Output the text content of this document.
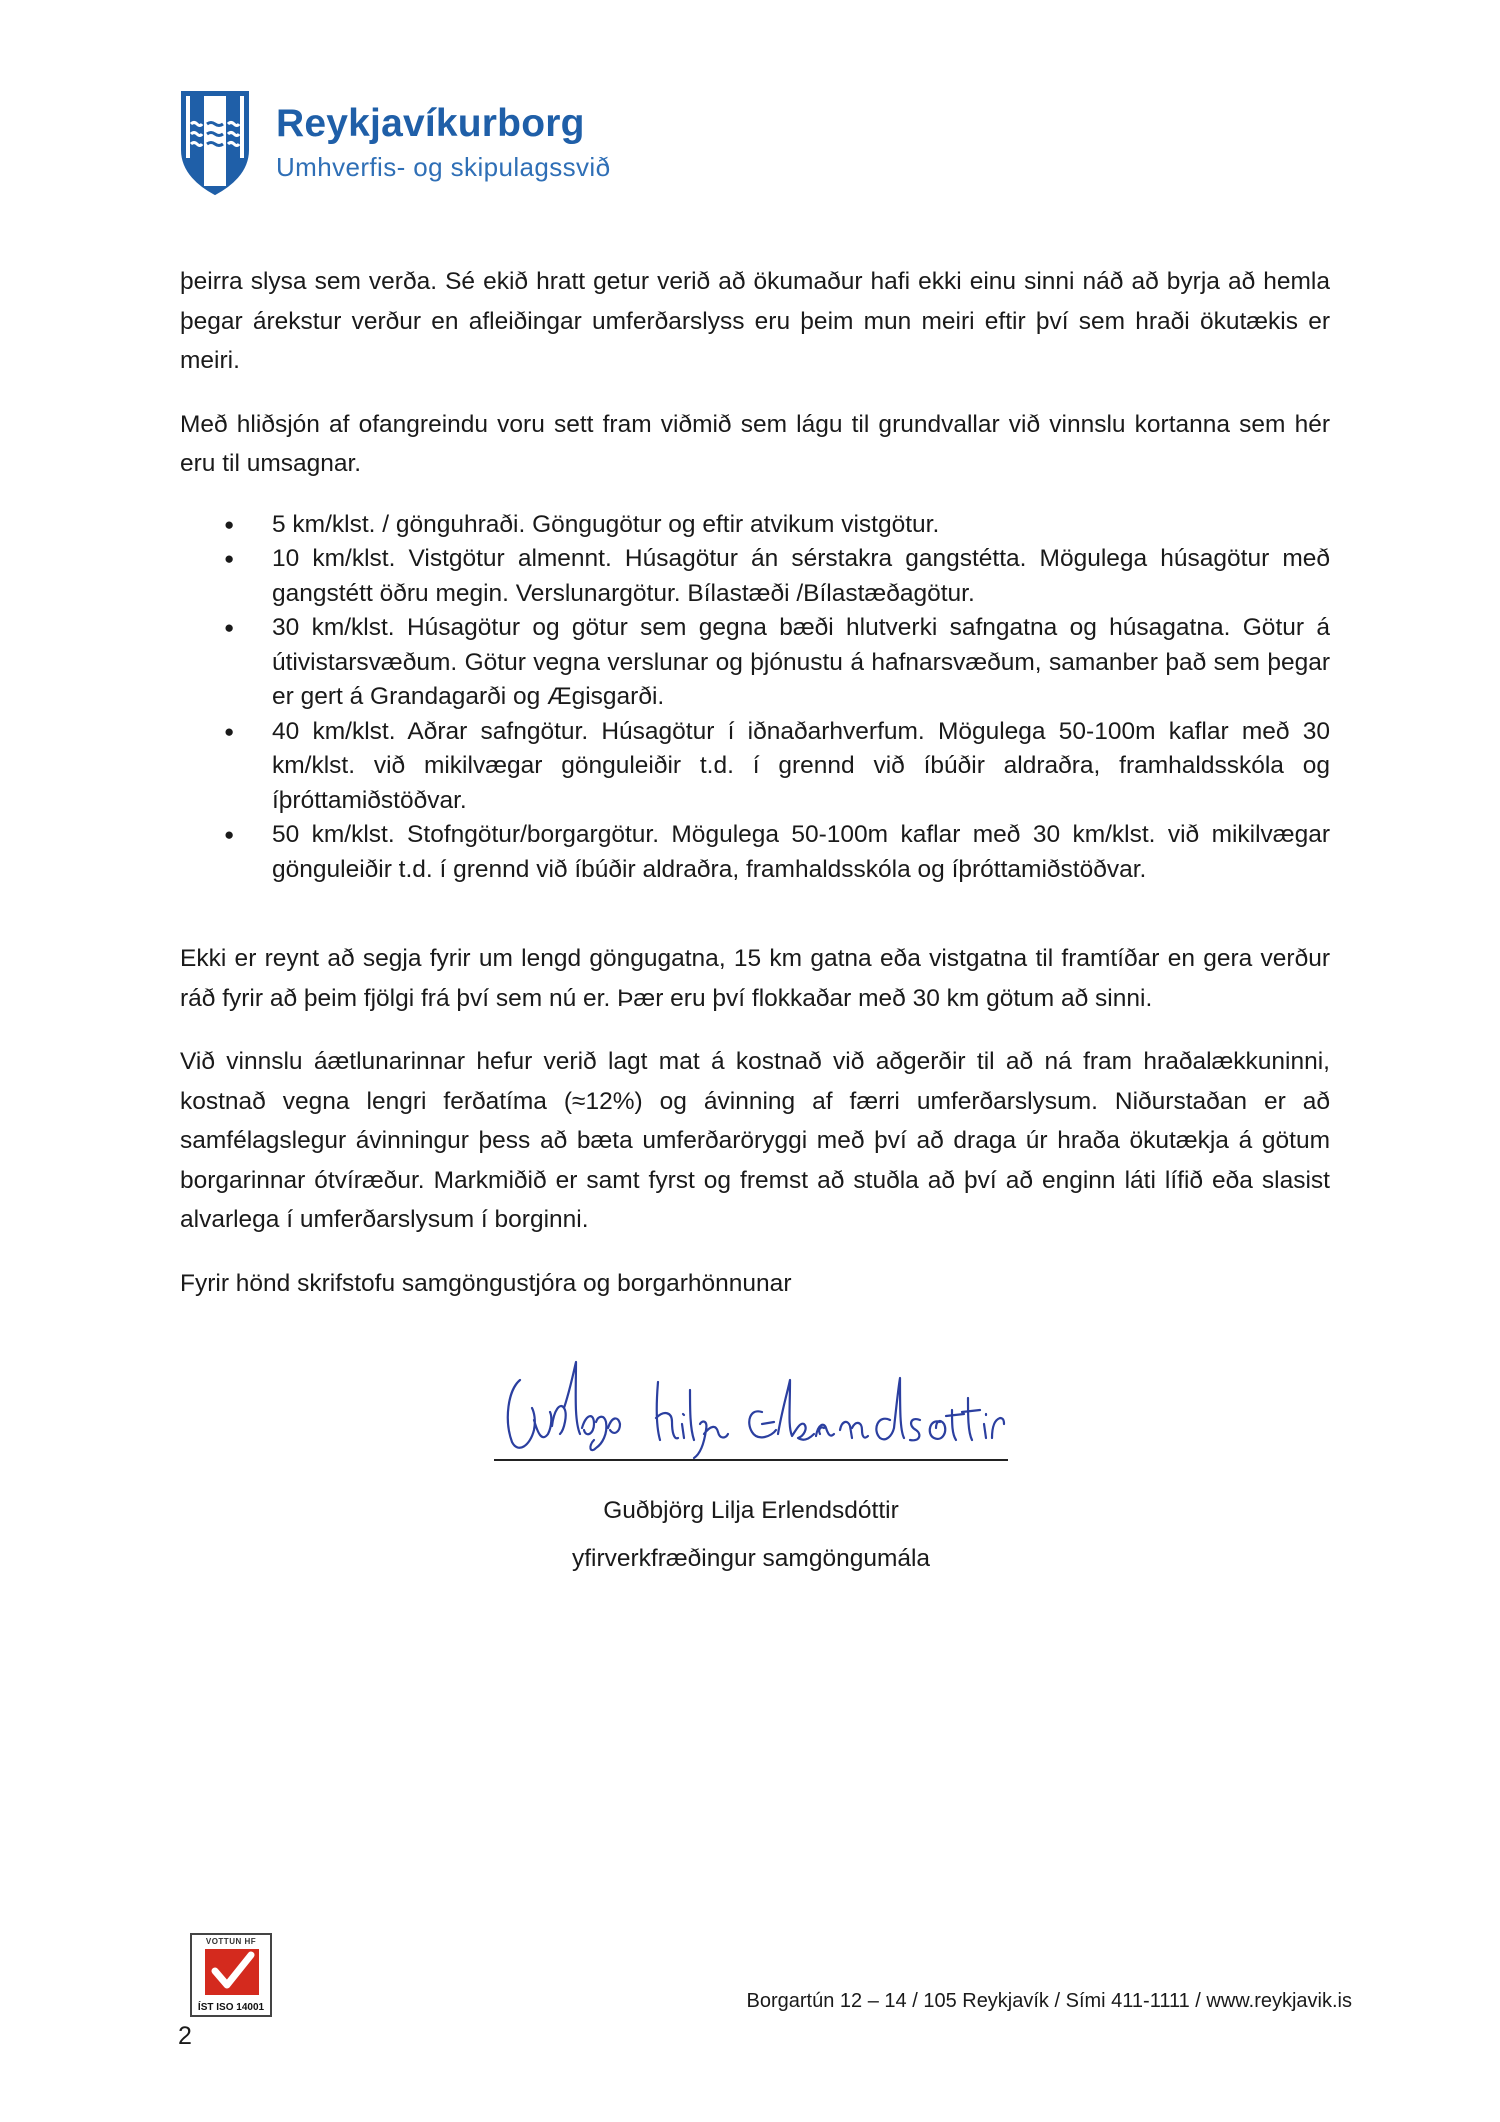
Reykjavíkurborg
Umhverfis- og skipulagssvið

þeirra slysa sem verða. Sé ekið hratt getur verið að ökumaður hafi ekki einu sinni náð að byrja að hemla þegar árekstur verður en afleiðingar umferðarslyss eru þeim mun meiri eftir því sem hraði ökutækis er meiri.

Með hliðsjón af ofangreindu voru sett fram viðmið sem lágu til grundvallar við vinnslu kortanna sem hér eru til umsagnar.

● 5 km/klst. / gönguhraði. Göngugötur og eftir atvikum vistgötur.
● 10 km/klst. Vistgötur almennt. Húsagötur án sérstakra gangstétta. Mögulega húsagötur með gangstétt öðru megin. Verslunargötur. Bílastæði /Bílastæðagötur.
● 30 km/klst. Húsagötur og götur sem gegna bæði hlutverki safngatna og húsagatna. Götur á útivistarsvæðum. Götur vegna verslunar og þjónustu á hafnarsvæðum, samanber það sem þegar er gert á Grandagarði og Ægisgarði.
● 40 km/klst. Aðrar safngötur. Húsagötur í iðnaðarhverfum. Mögulega 50-100m kaflar með 30 km/klst. við mikilvægar gönguleiðir t.d. í grennd við íbúðir aldraðra, framhaldsskóla og íþróttamiðstöðvar.
● 50 km/klst. Stofngötur/borgargötur. Mögulega 50-100m kaflar með 30 km/klst. við mikilvægar gönguleiðir t.d. í grennd við íbúðir aldraðra, framhaldsskóla og íþróttamiðstöðvar.

Ekki er reynt að segja fyrir um lengd göngugatna, 15 km gatna eða vistgatna til framtíðar en gera verður ráð fyrir að þeim fjölgi frá því sem nú er. Þær eru því flokkaðar með 30 km götum að sinni.

Við vinnslu áætlunarinnar hefur verið lagt mat á kostnað við aðgerðir til að ná fram hraðalækkuninni, kostnað vegna lengri ferðatíma (≈12%) og ávinning af færri umferðarslysum. Niðurstaðan er að samfélagslegur ávinningur þess að bæta umferðaröryggi með því að draga úr hraða ökutækja á götum borgarinnar ótvíræður. Markmiðið er samt fyrst og fremst að stuðla að því að enginn láti lífið eða slasist alvarlega í umferðarslysum í borginni.

Fyrir hönd skrifstofu samgöngustjóra og borgarhönnunar

Guðbjörg Lilja Erlendsdóttir
yfirverkfræðingur samgöngumála
VOTTUN HF
ÍST ISO 14001	Borgartún 12 – 14 / 105 Reykjavík / Sími 411-1111 / www.reykjavik.is
2
